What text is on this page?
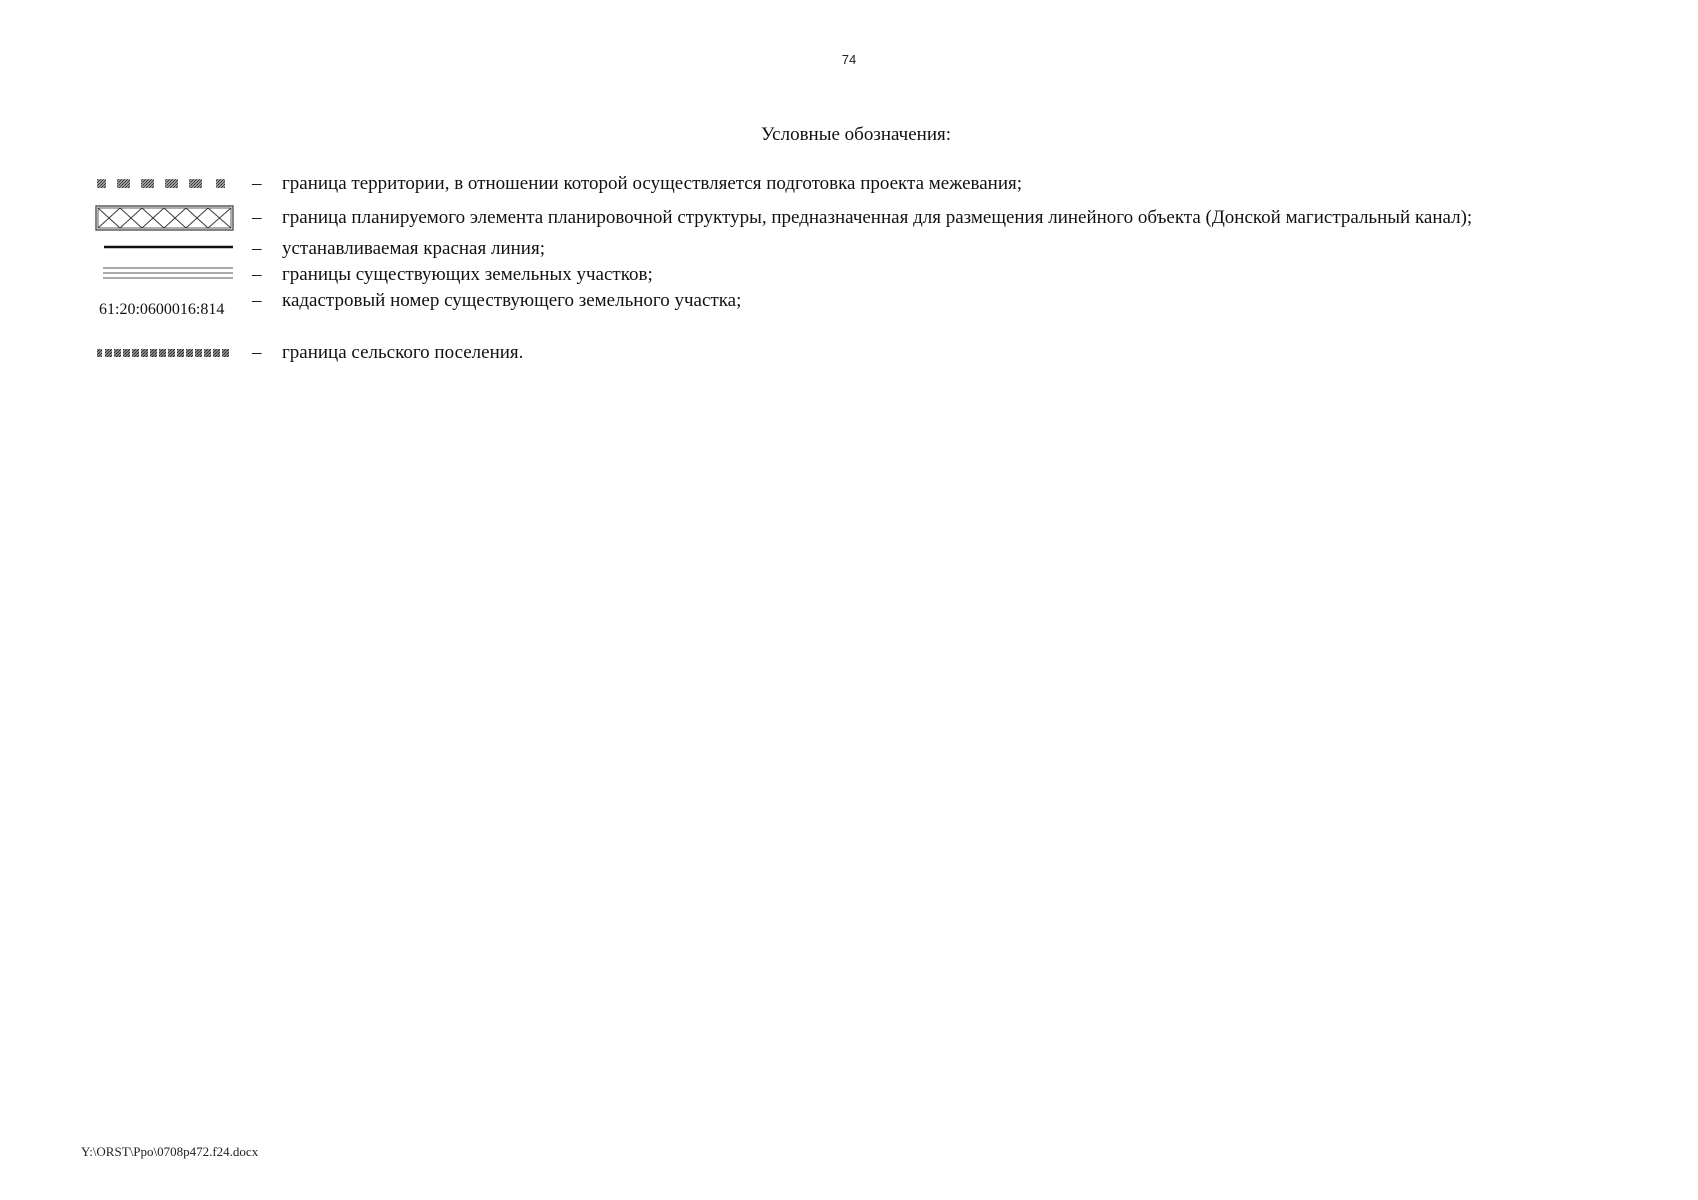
74
Условные обозначения:
– граница территории, в отношении которой осуществляется подготовка проекта межевания;
– граница планируемого элемента планировочной структуры, предназначенная для размещения линейного объекта (Донской магистральный канал);
– устанавливаемая красная линия;
– границы существующих земельных участков;
61:20:0600016:814 – кадастровый номер существующего земельного участка;
– граница сельского поселения.
Y:\ORST\Ppo\0708p472.f24.docx
